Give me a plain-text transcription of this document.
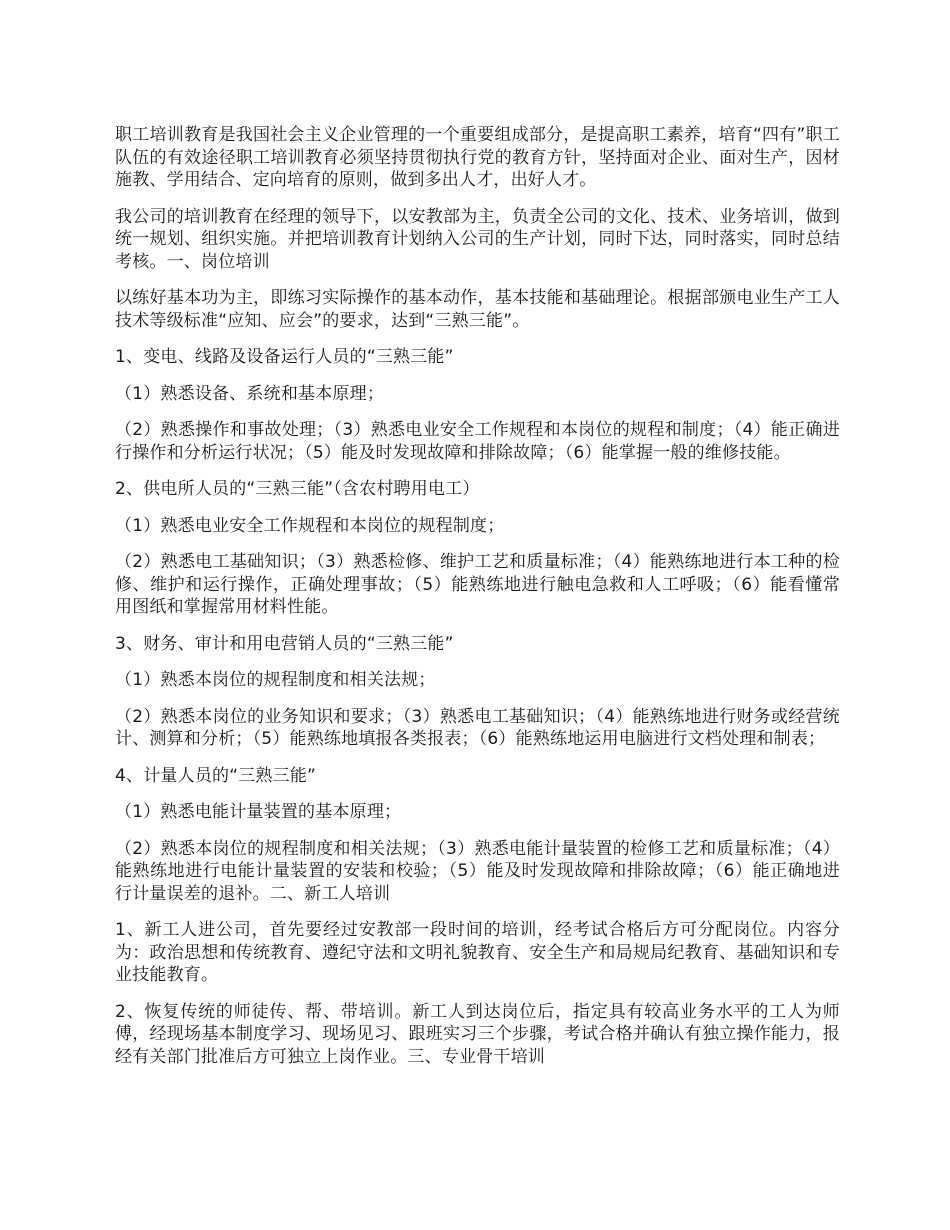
职工培训教育是我国社会主义企业管理的一个重要组成部分，是提高职工素养，培育“四有”职工队伍的有效途径职工培训教育必须坚持贯彻执行党的教育方针，坚持面对企业、面对生产，因材施教、学用结合、定向培育的原则，做到多出人才，出好人才。

我公司的培训教育在经理的领导下，以安教部为主，负责全公司的文化、技术、业务培训，做到统一规划、组织实施。并把培训教育计划纳入公司的生产计划，同时下达，同时落实，同时总结考核。一、岗位培训

以练好基本功为主，即练习实际操作的基本动作，基本技能和基础理论。根据部颁电业生产工人技术等级标准“应知、应会”的要求，达到“三熟三能”。

1、变电、线路及设备运行人员的“三熟三能”

（1）熟悉设备、系统和基本原理；

（2）熟悉操作和事故处理；（3）熟悉电业安全工作规程和本岗位的规程和制度；（4）能正确进行操作和分析运行状况；（5）能及时发现故障和排除故障；（6）能掌握一般的维修技能。

2、供电所人员的“三熟三能”（含农村聘用电工）

（1）熟悉电业安全工作规程和本岗位的规程制度；

（2）熟悉电工基础知识；（3）熟悉检修、维护工艺和质量标准；（4）能熟练地进行本工种的检修、维护和运行操作，正确处理事故；（5）能熟练地进行触电急救和人工呼吸；（6）能看懂常用图纸和掌握常用材料性能。

3、财务、审计和用电营销人员的“三熟三能”

（1）熟悉本岗位的规程制度和相关法规；

（2）熟悉本岗位的业务知识和要求；（3）熟悉电工基础知识；（4）能熟练地进行财务或经营统计、测算和分析；（5）能熟练地填报各类报表；（6）能熟练地运用电脑进行文档处理和制表；

4、计量人员的“三熟三能”

（1）熟悉电能计量装置的基本原理；

（2）熟悉本岗位的规程制度和相关法规；（3）熟悉电能计量装置的检修工艺和质量标准；（4）能熟练地进行电能计量装置的安装和校验；（5）能及时发现故障和排除故障；（6）能正确地进行计量误差的退补。二、新工人培训

1、新工人进公司，首先要经过安教部一段时间的培训，经考试合格后方可分配岗位。内容分为：政治思想和传统教育、遵纪守法和文明礼貌教育、安全生产和局规局纪教育、基础知识和专业技能教育。

2、恢复传统的师徒传、帮、带培训。新工人到达岗位后，指定具有较高业务水平的工人为师傅，经现场基本制度学习、现场见习、跟班实习三个步骤，考试合格并确认有独立操作能力，报经有关部门批准后方可独立上岗作业。三、专业骨干培训
